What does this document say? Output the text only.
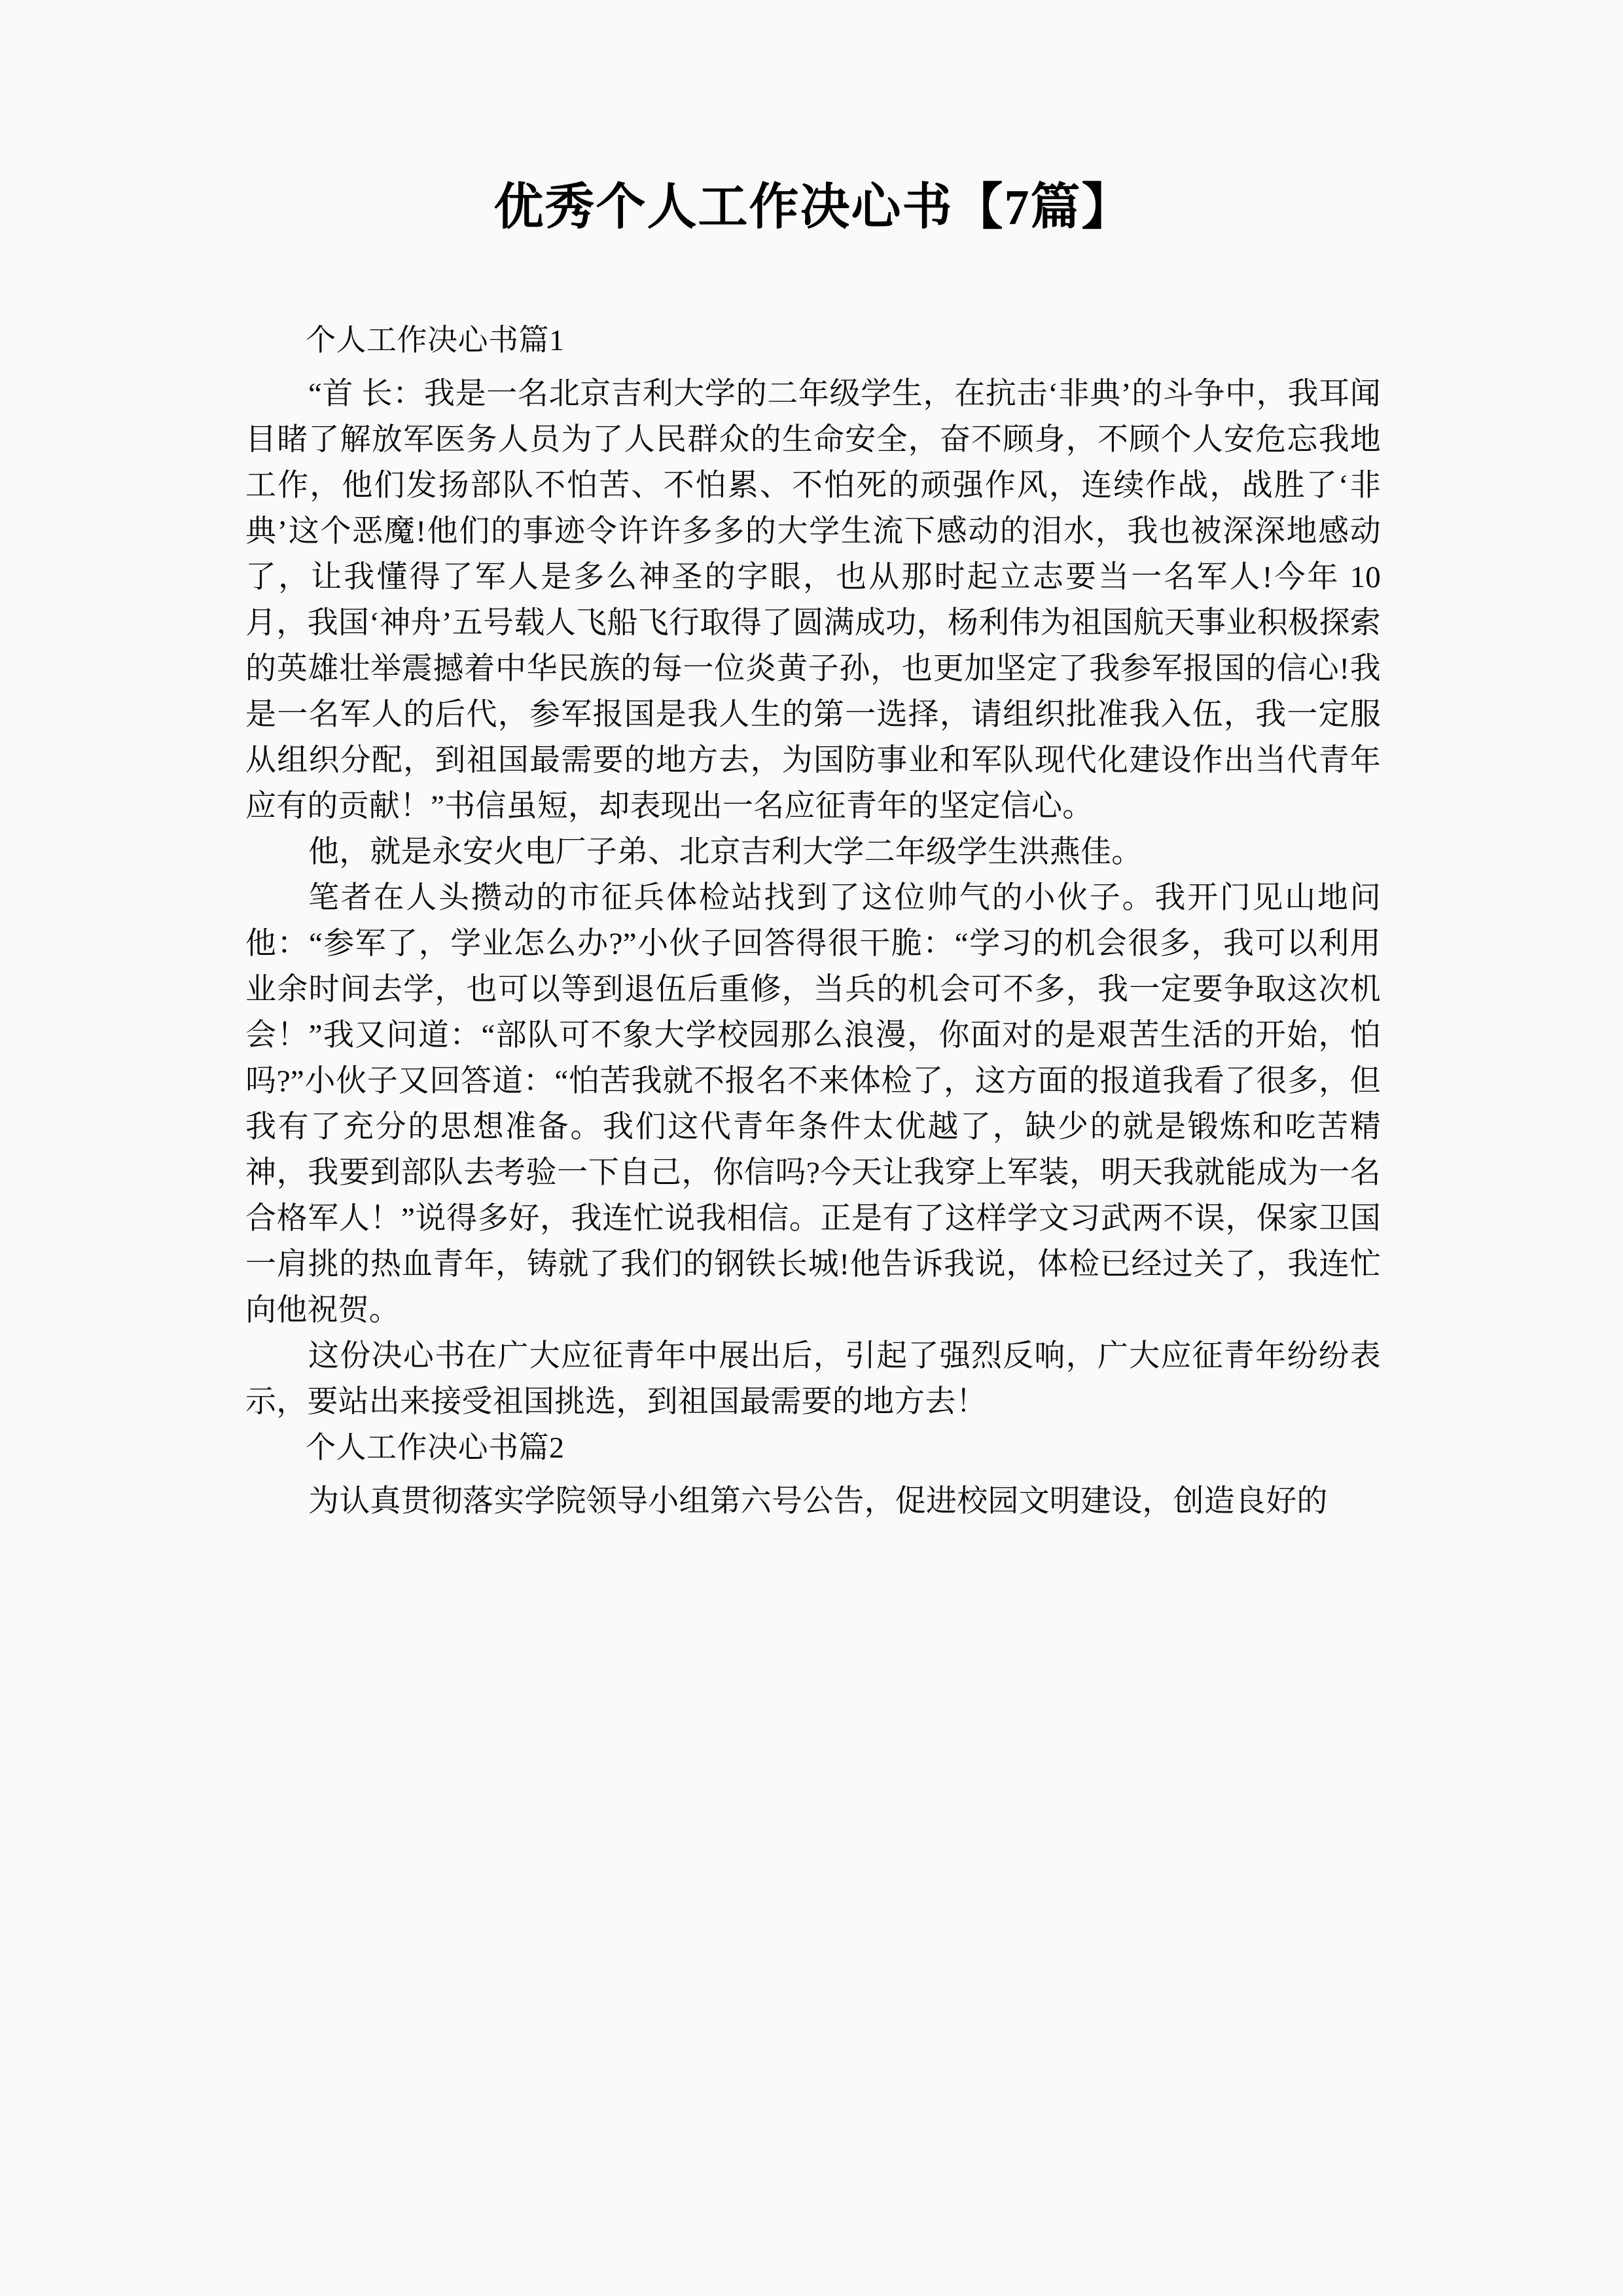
优秀个人工作决心书【7篇】
个人工作决心书篇1

“首 长：我是一名北京吉利大学的二年级学生，在抗击‘非典’的斗争中，我耳闻目睹了解放军医务人员为了人民群众的生命安全，奋不顾身，不顾个人安危忘我地工作，他们发扬部队不怕苦、不怕累、不怕死的顽强作风，连续作战，战胜了‘非典’这个恶魔!他们的事迹令许许多多的大学生流下感动的泪水，我也被深深地感动了，让我懂得了军人是多么神圣的字眼，也从那时起立志要当一名军人!今年 10 月，我国‘神舟’五号载人飞船飞行取得了圆满成功，杨利伟为祖国航天事业积极探索的英雄壮举震撼着中华民族的每一位炎黄子孙，也更加坚定了我参军报国的信心!我是一名军人的后代，参军报国是我人生的第一选择，请组织批准我入伍，我一定服从组织分配，到祖国最需要的地方去，为国防事业和军队现代化建设作出当代青年应有的贡献！”书信虽短，却表现出一名应征青年的坚定信心。

他，就是永安火电厂子弟、北京吉利大学二年级学生洪燕佳。

笔者在人头攒动的市征兵体检站找到了这位帅气的小伙子。我开门见山地问他：“参军了，学业怎么办?”小伙子回答得很干脆：“学习的机会很多，我可以利用业余时间去学，也可以等到退伍后重修，当兵的机会可不多，我一定要争取这次机会！”我又问道：“部队可不象大学校园那么浪漫，你面对的是艰苦生活的开始，怕吗?”小伙子又回答道：“怕苦我就不报名不来体检了，这方面的报道我看了很多，但我有了充分的思想准备。我们这代青年条件太优越了，缺少的就是锻炼和吃苦精神，我要到部队去考验一下自己，你信吗?今天让我穿上军装，明天我就能成为一名合格军人！”说得多好，我连忙说我相信。正是有了这样学文习武两不误，保家卫国一肩挑的热血青年，铸就了我们的钢铁长城!他告诉我说，体检已经过关了，我连忙向他祝贺。

这份决心书在广大应征青年中展出后，引起了强烈反响，广大应征青年纷纷表示，要站出来接受祖国挑选，到祖国最需要的地方去！

个人工作决心书篇2

为认真贯彻落实学院领导小组第六号公告，促进校园文明建设，创造良好的
